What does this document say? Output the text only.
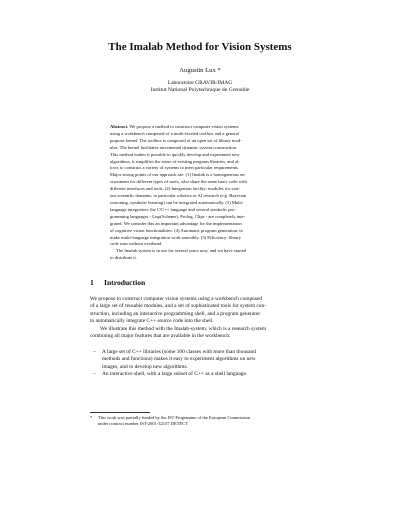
The Imalab Method for Vision Systems
Augustin Lux *
Laboratoire GRAVIR/IMAG
Institut National Polytechnique de Grenoble

Abstract. We propose a method to construct computer vision systems

using a workbench composed of a multi-faceted toolbox and a general

purpose kernel. The toolbox is composed of an open set of library mod-

ules. The kernel facilitates incremental dynamic system construction.

This method makes it possible to quickly develop and experiment new

algorithms, it simplifies the reuse of existing program libraries, and al-

lows to construct a variety of systems to meet particular requirements.

Major strong points of our approach are: (1) Imalab is a homogeneous en-

vironment for different types of users, who share the same basic code with

different interfaces and tools. (2) Integration facility: modules for vari-

ous scientific domains, in particular robotics or AI research (e.g. Bayesian

reasoning, symbolic learning) can be integrated automatically. (3) Multi-

language integration: the C/C++ language and several symbolic pro-

gramming languages - Lisp(Scheme), Prolog, Clips - are completely inte-

grated. We consider this an important advantage for the implementation

of cognitive vision functionalities. (4) Automatic program generation, to

make multi-language integration work smoothly. (5) Efficiency: library

code runs without overhead.

The Imalab system is in use for several years now, and we have started

to distribute it.

1 Introduction

We propose to construct computer vision systems using a workbench composed

of a large set of reusable modules, and a set of sophisticated tools for system con-

struction, including an interactive programming shell, and a program generator

to automatically integrate C++ source code into the shell.

We illustrate this method with the Imalab-system, which is a research system

combining all major features that are available in the workbench:

– A large set of C++ libraries (some 100 classes with more than thousand
methods and functions) makes it easy to experiment algorithms on new
images, and to develop new algorithms.
– An interactive shell, with a large subset of C++ as a shell language.
* This work was partially funded by the IST Programme of the European Commission
under contract number IST-2001-32157 DETECT
